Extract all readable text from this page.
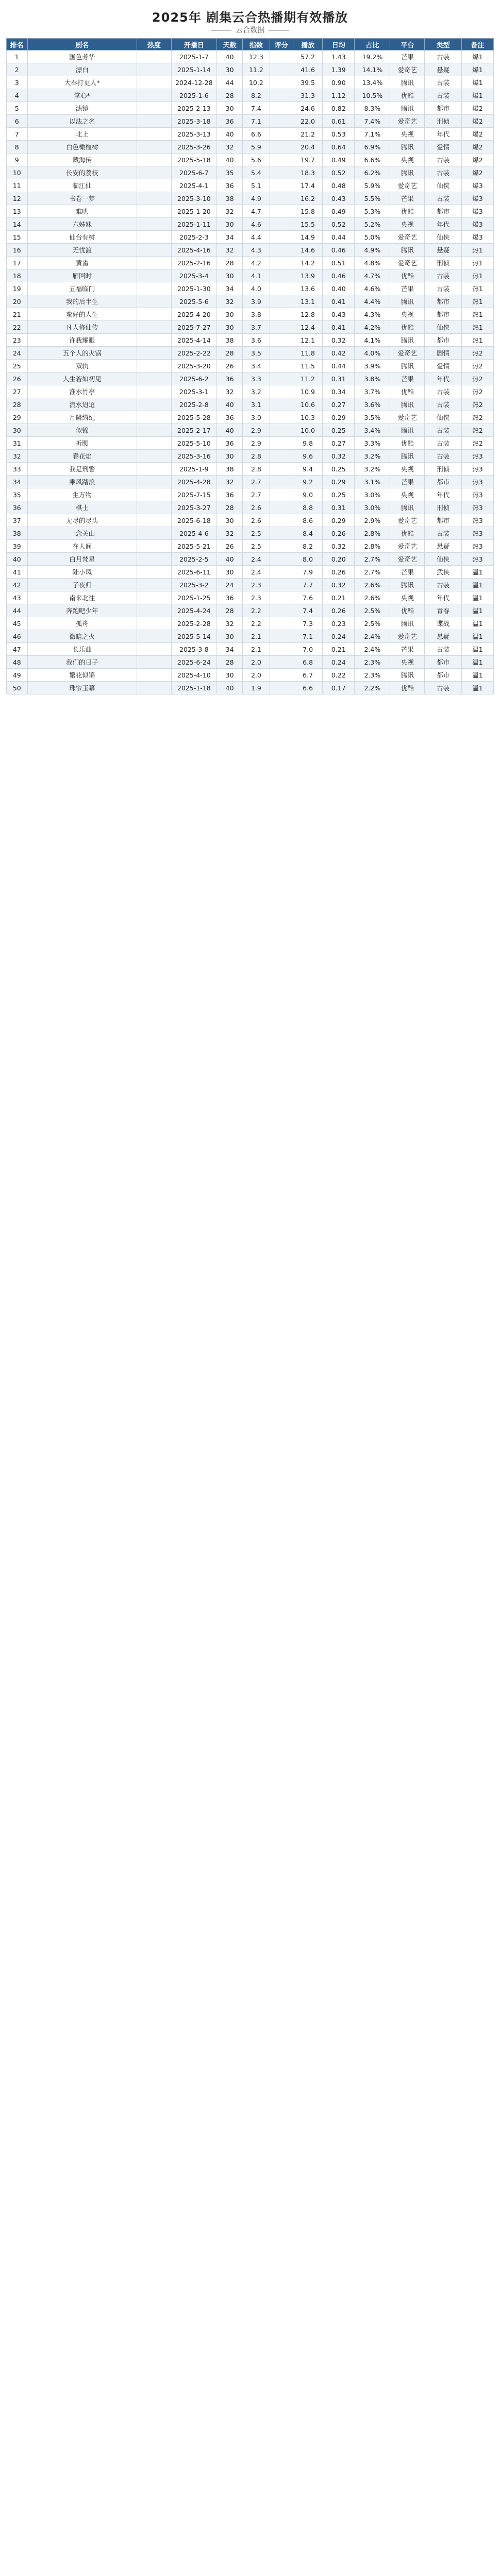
2025年 剧集云合热播期有效播放
云合数据
排名	剧名	热度	开播日	天数	指数	评分	播放	日均	占比	平台	类型	备注
1	国色芳华		2025-1-7	40	12.3		57.2	1.43	19.2%	芒果	古装	爆1
2	漂白		2025-1-14	30	11.2		41.6	1.39	14.1%	爱奇艺	悬疑	爆1
3	大奉打更人*		2024-12-28	44	10.2		39.5	0.90	13.4%	腾讯	古装	爆1
4	掌心*		2025-1-6	28	8.2		31.3	1.12	10.5%	优酷	古装	爆1
5	滤镜		2025-2-13	30	7.4		24.6	0.82	8.3%	腾讯	都市	爆2
6	以法之名		2025-3-18	36	7.1		22.0	0.61	7.4%	爱奇艺	刑侦	爆2
7	北上		2025-3-13	40	6.6		21.2	0.53	7.1%	央视	年代	爆2
8	白色橄榄树		2025-3-26	32	5.9		20.4	0.64	6.9%	腾讯	爱情	爆2
9	藏海传		2025-5-18	40	5.6		19.7	0.49	6.6%	央视	古装	爆2
10	长安的荔枝		2025-6-7	35	5.4		18.3	0.52	6.2%	腾讯	古装	爆2
11	临江仙		2025-4-1	36	5.1		17.4	0.48	5.9%	爱奇艺	仙侠	爆3
12	书卷一梦		2025-3-10	38	4.9		16.2	0.43	5.5%	芒果	古装	爆3
13	难哄		2025-1-20	32	4.7		15.8	0.49	5.3%	优酷	都市	爆3
14	六姊妹		2025-1-11	30	4.6		15.5	0.52	5.2%	央视	年代	爆3
15	仙台有树		2025-2-3	34	4.4		14.9	0.44	5.0%	爱奇艺	仙侠	爆3
16	无忧渡		2025-4-16	32	4.3		14.6	0.46	4.9%	腾讯	悬疑	热1
17	黄雀		2025-2-16	28	4.2		14.2	0.51	4.8%	爱奇艺	刑侦	热1
18	雁回时		2025-3-4	30	4.1		13.9	0.46	4.7%	优酷	古装	热1
19	五福临门		2025-1-30	34	4.0		13.6	0.40	4.6%	芒果	古装	热1
20	我的后半生		2025-5-6	32	3.9		13.1	0.41	4.4%	腾讯	都市	热1
21	蛮好的人生		2025-4-20	30	3.8		12.8	0.43	4.3%	央视	都市	热1
22	凡人修仙传		2025-7-27	30	3.7		12.4	0.41	4.2%	优酷	仙侠	热1
23	许我耀眼		2025-4-14	38	3.6		12.1	0.32	4.1%	腾讯	都市	热1
24	五个人的火锅		2025-2-22	28	3.5		11.8	0.42	4.0%	爱奇艺	剧情	热2
25	双轨		2025-3-20	26	3.4		11.5	0.44	3.9%	腾讯	爱情	热2
26	人生若如初见		2025-6-2	36	3.3		11.2	0.31	3.8%	芒果	年代	热2
27	淮水竹亭		2025-3-1	32	3.2		10.9	0.34	3.7%	优酷	古装	热2
28	流水迢迢		2025-2-8	40	3.1		10.6	0.27	3.6%	腾讯	古装	热2
29	月鳞绮纪		2025-5-28	36	3.0		10.3	0.29	3.5%	爱奇艺	仙侠	热2
30	似锦		2025-2-17	40	2.9		10.0	0.25	3.4%	腾讯	古装	热2
31	折腰		2025-5-10	36	2.9		9.8	0.27	3.3%	优酷	古装	热2
32	春花焰		2025-3-16	30	2.8		9.6	0.32	3.2%	腾讯	古装	热3
33	我是刑警		2025-1-9	38	2.8		9.4	0.25	3.2%	央视	刑侦	热3
34	乘风踏浪		2025-4-28	32	2.7		9.2	0.29	3.1%	芒果	都市	热3
35	生万物		2025-7-15	36	2.7		9.0	0.25	3.0%	央视	年代	热3
36	棋士		2025-3-27	28	2.6		8.8	0.31	3.0%	腾讯	刑侦	热3
37	无尽的尽头		2025-6-18	30	2.6		8.6	0.29	2.9%	爱奇艺	都市	热3
38	一念关山		2025-4-6	32	2.5		8.4	0.26	2.8%	优酷	古装	热3
39	在人间		2025-5-21	26	2.5		8.2	0.32	2.8%	爱奇艺	悬疑	热3
40	白月梵星		2025-2-5	40	2.4		8.0	0.20	2.7%	爱奇艺	仙侠	热3
41	陆小凤		2025-6-11	30	2.4		7.9	0.26	2.7%	芒果	武侠	温1
42	子夜归		2025-3-2	24	2.3		7.7	0.32	2.6%	腾讯	古装	温1
43	南来北往		2025-1-25	36	2.3		7.6	0.21	2.6%	央视	年代	温1
44	奔跑吧少年		2025-4-24	28	2.2		7.4	0.26	2.5%	优酷	青春	温1
45	孤舟		2025-2-28	32	2.2		7.3	0.23	2.5%	腾讯	谍战	温1
46	微暗之火		2025-5-14	30	2.1		7.1	0.24	2.4%	爱奇艺	悬疑	温1
47	长乐曲		2025-3-8	34	2.1		7.0	0.21	2.4%	芒果	古装	温1
48	我们的日子		2025-6-24	28	2.0		6.8	0.24	2.3%	央视	都市	温1
49	繁花似锦		2025-4-10	30	2.0		6.7	0.22	2.3%	腾讯	都市	温1
50	珠帘玉幕		2025-1-18	40	1.9		6.6	0.17	2.2%	优酷	古装	温1
